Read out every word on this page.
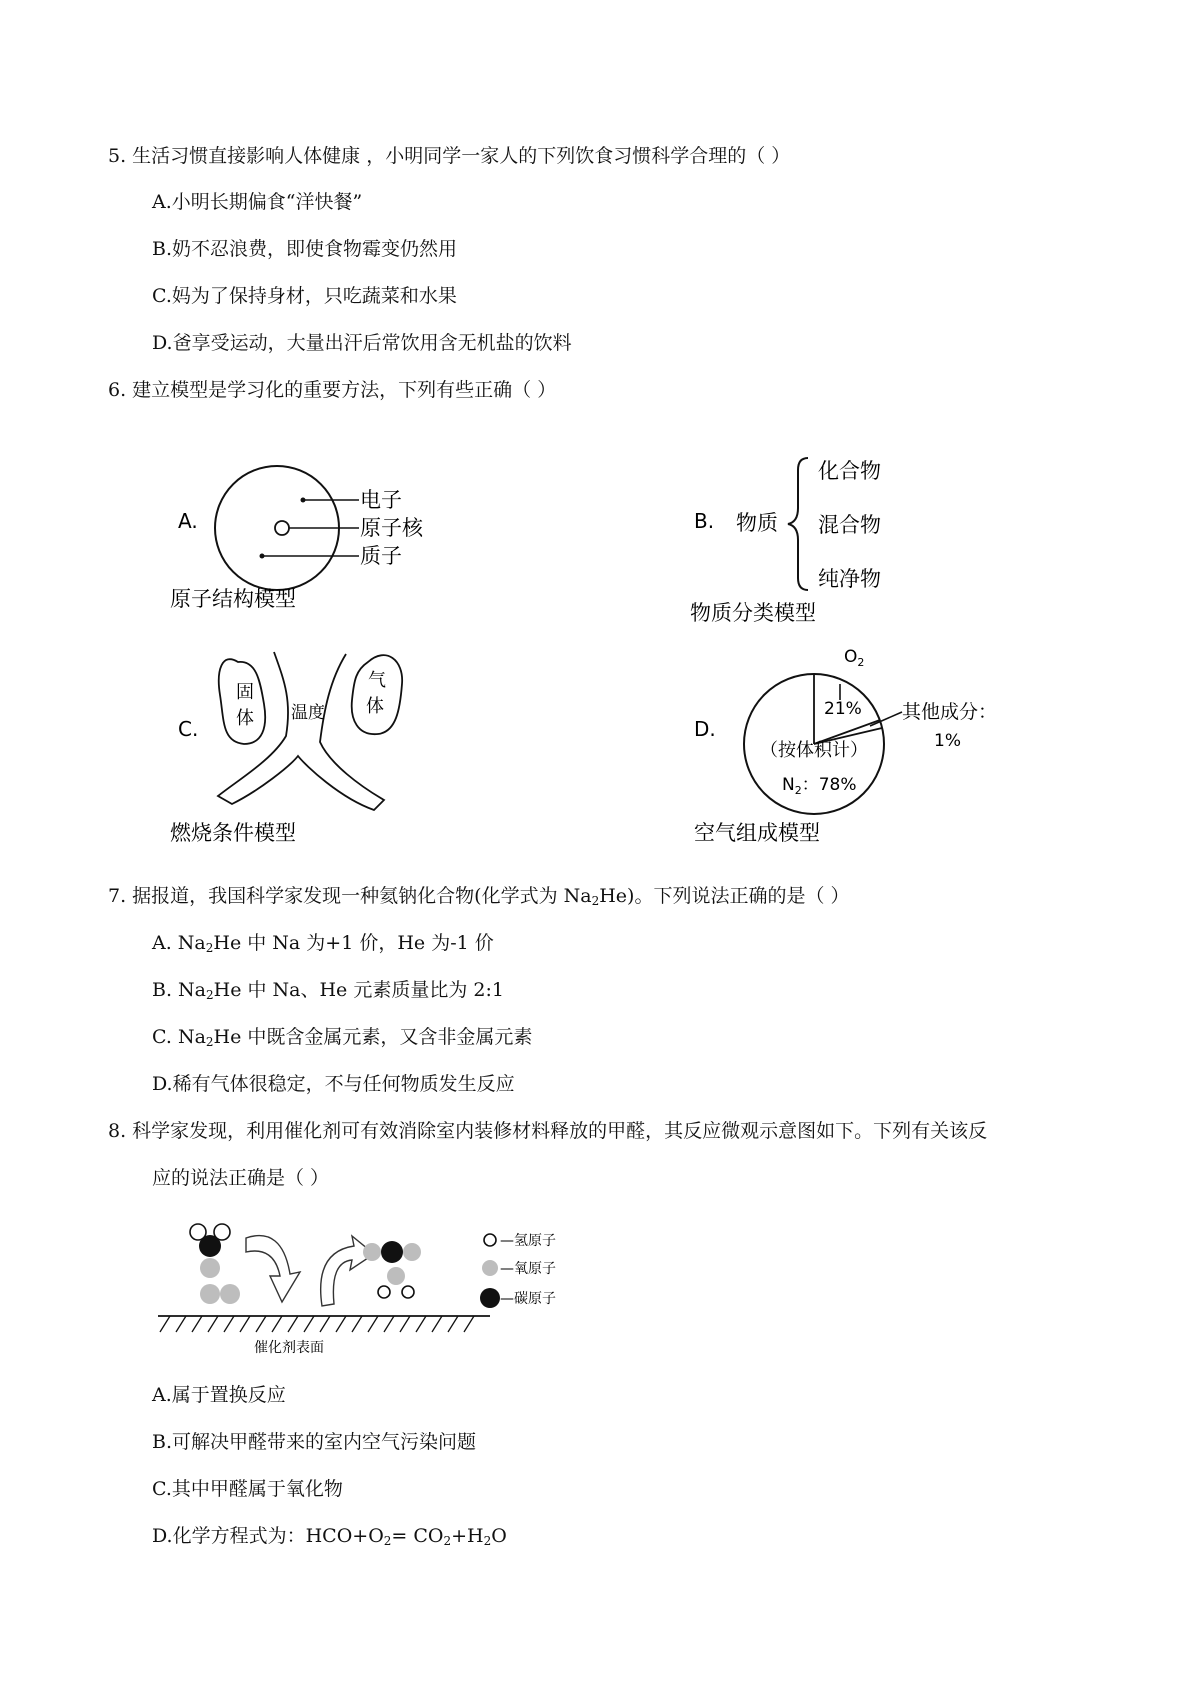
5. 生活习惯直接影响人体健康 ，小明同学一家人的下列饮食习惯科学合理的（ ）
A.小明长期偏食“洋快餐”
B.奶不忍浪费，即使食物霉变仍然用
C.妈为了保持身材，只吃蔬菜和水果
D.爸享受运动，大量出汗后常饮用含无机盐的饮料
6. 建立模型是学习化的重要方法，下列有些正确（ ）
A.
电子
原子核
质子
原子结构模型
B. 物质
化合物
混合物
纯净物
物质分类模型
C.
固
体
气
体
温度
燃烧条件模型
D.
$O_2$
21% 其他成分：
1%
（按体积计）
$N_2$：78%
空气组成模型
7. 据报道，我国科学家发现一种氦钠化合物(化学式为 $Na_2He$)。下列说法正确的是（ ）
A. $Na_2He$ 中 Na 为+1 价，He 为-1 价
B. $Na_2He$ 中 Na、He 元素质量比为 2:1
C. $Na_2He$ 中既含金属元素，又含非金属元素
D.稀有气体很稳定，不与任何物质发生反应
8. 科学家发现，利用催化剂可有效消除室内装修材料释放的甲醛，其反应微观示意图如下。下列有关该反
应的说法正确是（ ）
—氢原子
—氧原子
—碳原子
催化剂表面
A.属于置换反应
B.可解决甲醛带来的室内空气污染问题
C.其中甲醛属于氧化物
D.化学方程式为：$HCO+O_2= CO_2+H_2O$
